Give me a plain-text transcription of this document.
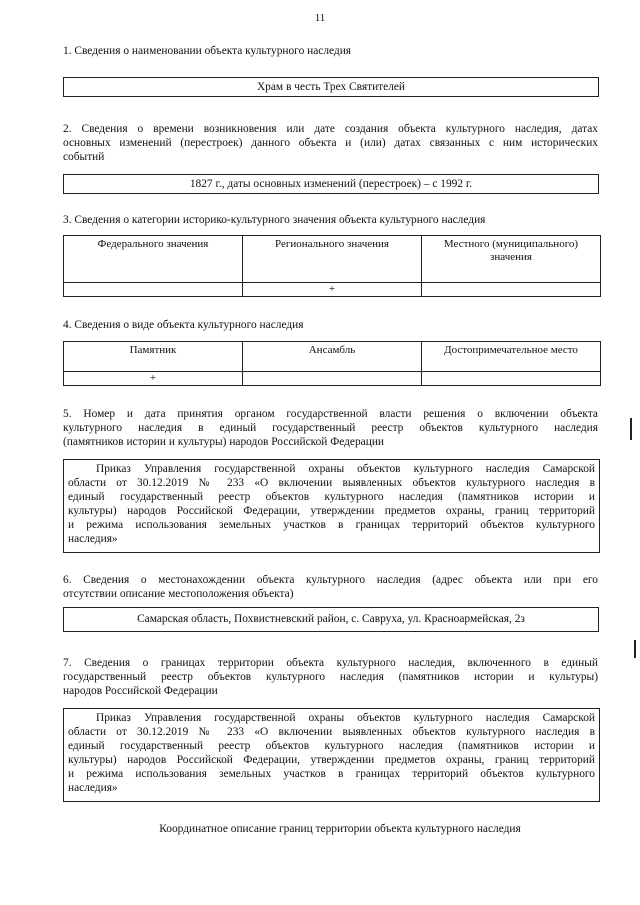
11
1. Сведения о наименовании объекта культурного наследия
Храм в честь Трех Святителей
2. Сведения о времени возникновения или дате создания объекта культурного наследия, датах
основных изменений (перестроек) данного объекта и (или) датах связанных с ним исторических
событий
1827 г., даты основных изменений (перестроек) – с 1992 г.
3. Сведения о категории историко-культурного значения объекта культурного наследия
Федерального значения	Регионального значения	Местного (муниципального) значения
	+	
4. Сведения о виде объекта культурного наследия
Памятник	Ансамбль	Достопримечательное место
+		
5. Номер и дата принятия органом государственной власти решения о включении объекта
культурного наследия в единый государственный реестр объектов культурного наследия
(памятников истории и культуры) народов Российской Федерации
Приказ Управления государственной охраны объектов культурного наследия Самарской
области от 30.12.2019 № 233 «О включении выявленных объектов культурного наследия в
единый государственный реестр объектов культурного наследия (памятников истории и
культуры) народов Российской Федерации, утверждении предметов охраны, границ территорий
и режима использования земельных участков в границах территорий объектов культурного
наследия»
6. Сведения о местонахождении объекта культурного наследия (адрес объекта или при его
отсутствии описание местоположения объекта)
Самарская область, Похвистневский район, с. Савруха, ул. Красноармейская, 2з
7. Сведения о границах территории объекта культурного наследия, включенного в единый
государственный реестр объектов культурного наследия (памятников истории и культуры)
народов Российской Федерации
Приказ Управления государственной охраны объектов культурного наследия Самарской
области от 30.12.2019 № 233 «О включении выявленных объектов культурного наследия в
единый государственный реестр объектов культурного наследия (памятников истории и
культуры) народов Российской Федерации, утверждении предметов охраны, границ территорий
и режима использования земельных участков в границах территорий объектов культурного
наследия»
Координатное описание границ территории объекта культурного наследия
